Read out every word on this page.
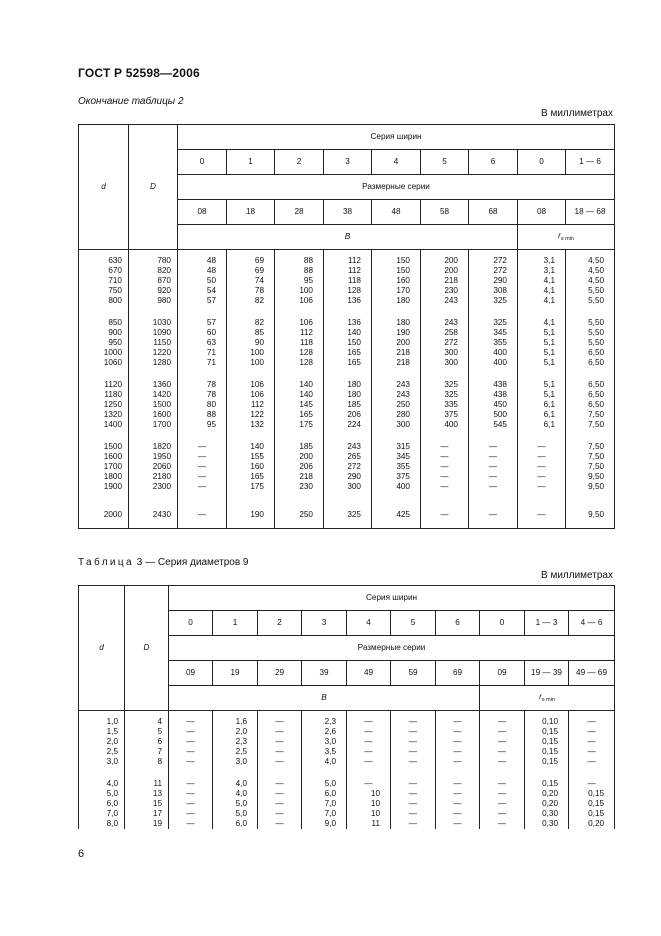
ГОСТ Р 52598—2006
Окончание таблицы 2
В миллиметрах
d	D	Серия ширин								
		0	1	2	3	4	5	6	0	1 — 6
		Размерные серии								
		08	18	28	38	48	58	68	08	18 — 68
		B							$r_{s min}$
630	780	48	69	88	112	150	200	272	3,1	4,50
670	820	48	69	88	112	150	200	272	3,1	4,50
710	870	50	74	95	118	160	218	290	4,1	4,50
750	920	54	78	100	128	170	230	308	4,1	5,50
800	980	57	82	106	136	180	243	325	4,1	5,50

850	1030	57	82	106	136	180	243	325	4,1	5,50
900	1090	60	85	112	140	190	258	345	5,1	5,50
950	1150	63	90	118	150	200	272	355	5,1	5,50
1000	1220	71	100	128	165	218	300	400	5,1	6,50
1060	1280	71	100	128	165	218	300	400	5,1	6,50

1120	1360	78	106	140	180	243	325	438	5,1	6,50
1180	1420	78	106	140	180	243	325	438	5,1	6,50
1250	1500	80	112	145	185	250	335	450	6,1	6,50
1320	1600	88	122	165	206	280	375	500	6,1	7,50
1400	1700	95	132	175	224	300	400	545	6,1	7,50

1500	1820	—	140	185	243	315	—	—	—	7,50
1600	1950	—	155	200	265	345	—	—	—	7,50
1700	2060	—	160	206	272	355	—	—	—	7,50
1800	2180	—	165	218	290	375	—	—	—	9,50
1900	2300	—	175	230	300	400	—	—	—	9,50

2000	2430	—	190	250	325	425	—	—	—	9,50
Таблица 3 — Серия диаметров 9
В миллиметрах
d	D	Серия ширин									
		0	1	2	3	4	5	6	0	1 — 3	4 — 6
		Размерные серии									
		09	19	29	39	49	59	69	09	19 — 39	49 — 69
		B							$r_{s min}$
1,0	4	—	1,6	—	2,3	—	—	—	—	0,10	—
1,5	5	—	2,0	—	2,6	—	—	—	—	0,15	—
2,0	6	—	2,3	—	3,0	—	—	—	—	0,15	—
2,5	7	—	2,5	—	3,5	—	—	—	—	0,15	—
3,0	8	—	3,0	—	4,0	—	—	—	—	0,15	—

4,0	11	—	4,0	—	5,0	—	—	—	—	0,15	—
5,0	13	—	4,0	—	6,0	10	—	—	—	0,20	0,15
6,0	15	—	5,0	—	7,0	10	—	—	—	0,20	0,15
7,0	17	—	5,0	—	7,0	10	—	—	—	0,30	0,15
8,0	19	—	6,0	—	9,0	11	—	—	—	0,30	0,20
6
